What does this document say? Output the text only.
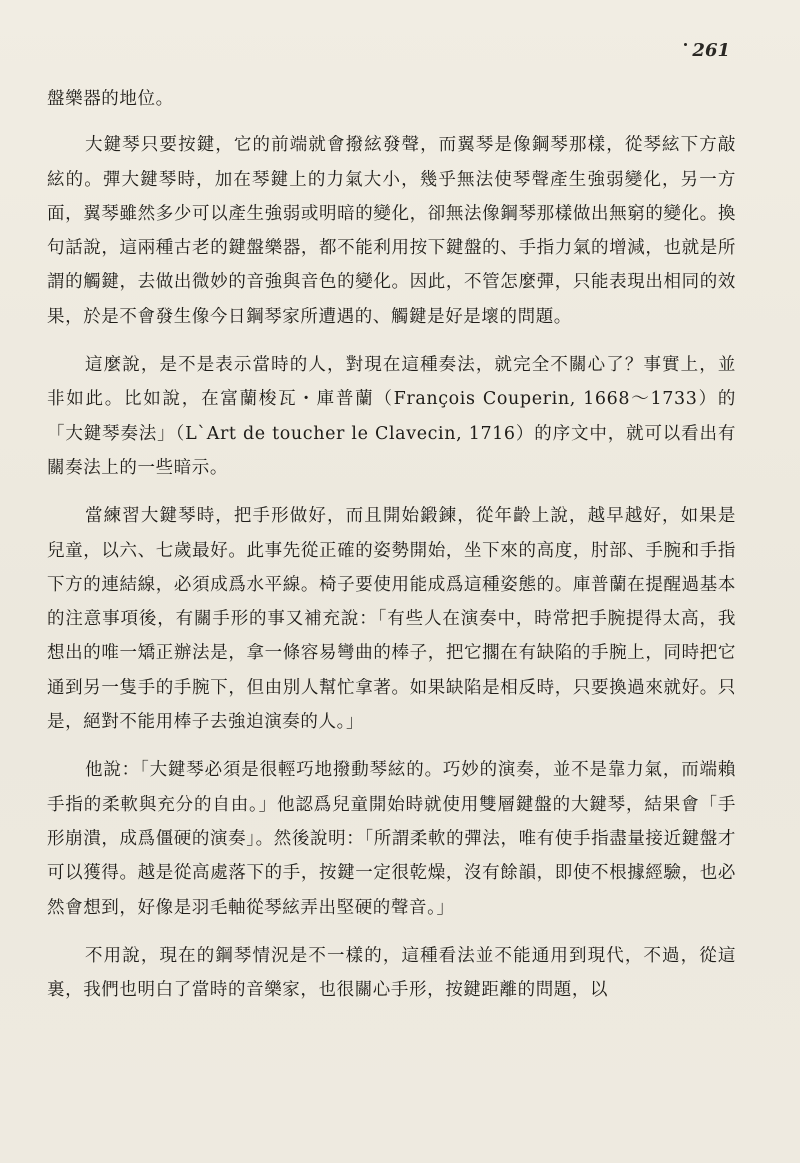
261

盤樂器的地位。

大鍵琴只要按鍵，它的前端就會撥絃發聲，而翼琴是像鋼琴那樣，從琴絃下方敲絃的。彈大鍵琴時，加在琴鍵上的力氣大小，幾乎無法使琴聲產生強弱變化，另一方面，翼琴雖然多少可以產生強弱或明暗的變化，卻無法像鋼琴那樣做出無窮的變化。換句話說，這兩種古老的鍵盤樂器，都不能利用按下鍵盤的、手指力氣的增減，也就是所謂的觸鍵，去做出微妙的音強與音色的變化。因此，不管怎麼彈，只能表現出相同的效果，於是不會發生像今日鋼琴家所遭遇的、觸鍵是好是壞的問題。

這麼說，是不是表示當時的人，對現在這種奏法，就完全不關心了？事實上，並非如此。比如說，在富蘭梭瓦・庫普蘭（François Couperin, 1668～1733）的「大鍵琴奏法」（L`Art de toucher le Clavecin, 1716）的序文中，就可以看出有關奏法上的一些暗示。

當練習大鍵琴時，把手形做好，而且開始鍛鍊，從年齡上說，越早越好，如果是兒童，以六、七歲最好。此事先從正確的姿勢開始，坐下來的高度，肘部、手腕和手指下方的連結線，必須成爲水平線。椅子要使用能成爲這種姿態的。庫普蘭在提醒過基本的注意事項後，有關手形的事又補充說：「有些人在演奏中，時常把手腕提得太高，我想出的唯一矯正辦法是，拿一條容易彎曲的棒子，把它擱在有缺陷的手腕上，同時把它通到另一隻手的手腕下，但由別人幫忙拿著。如果缺陷是相反時，只要換過來就好。只是，絕對不能用棒子去強迫演奏的人。」

他說：「大鍵琴必須是很輕巧地撥動琴絃的。巧妙的演奏，並不是靠力氣，而端賴手指的柔軟與充分的自由。」他認爲兒童開始時就使用雙層鍵盤的大鍵琴，結果會「手形崩潰，成爲僵硬的演奏」。然後說明：「所謂柔軟的彈法，唯有使手指盡量接近鍵盤才可以獲得。越是從高處落下的手，按鍵一定很乾燥，沒有餘韻，即使不根據經驗，也必然會想到，好像是羽毛軸從琴絃弄出堅硬的聲音。」

不用說，現在的鋼琴情況是不一樣的，這種看法並不能通用到現代，不過，從這裏，我們也明白了當時的音樂家，也很關心手形，按鍵距離的問題，以
